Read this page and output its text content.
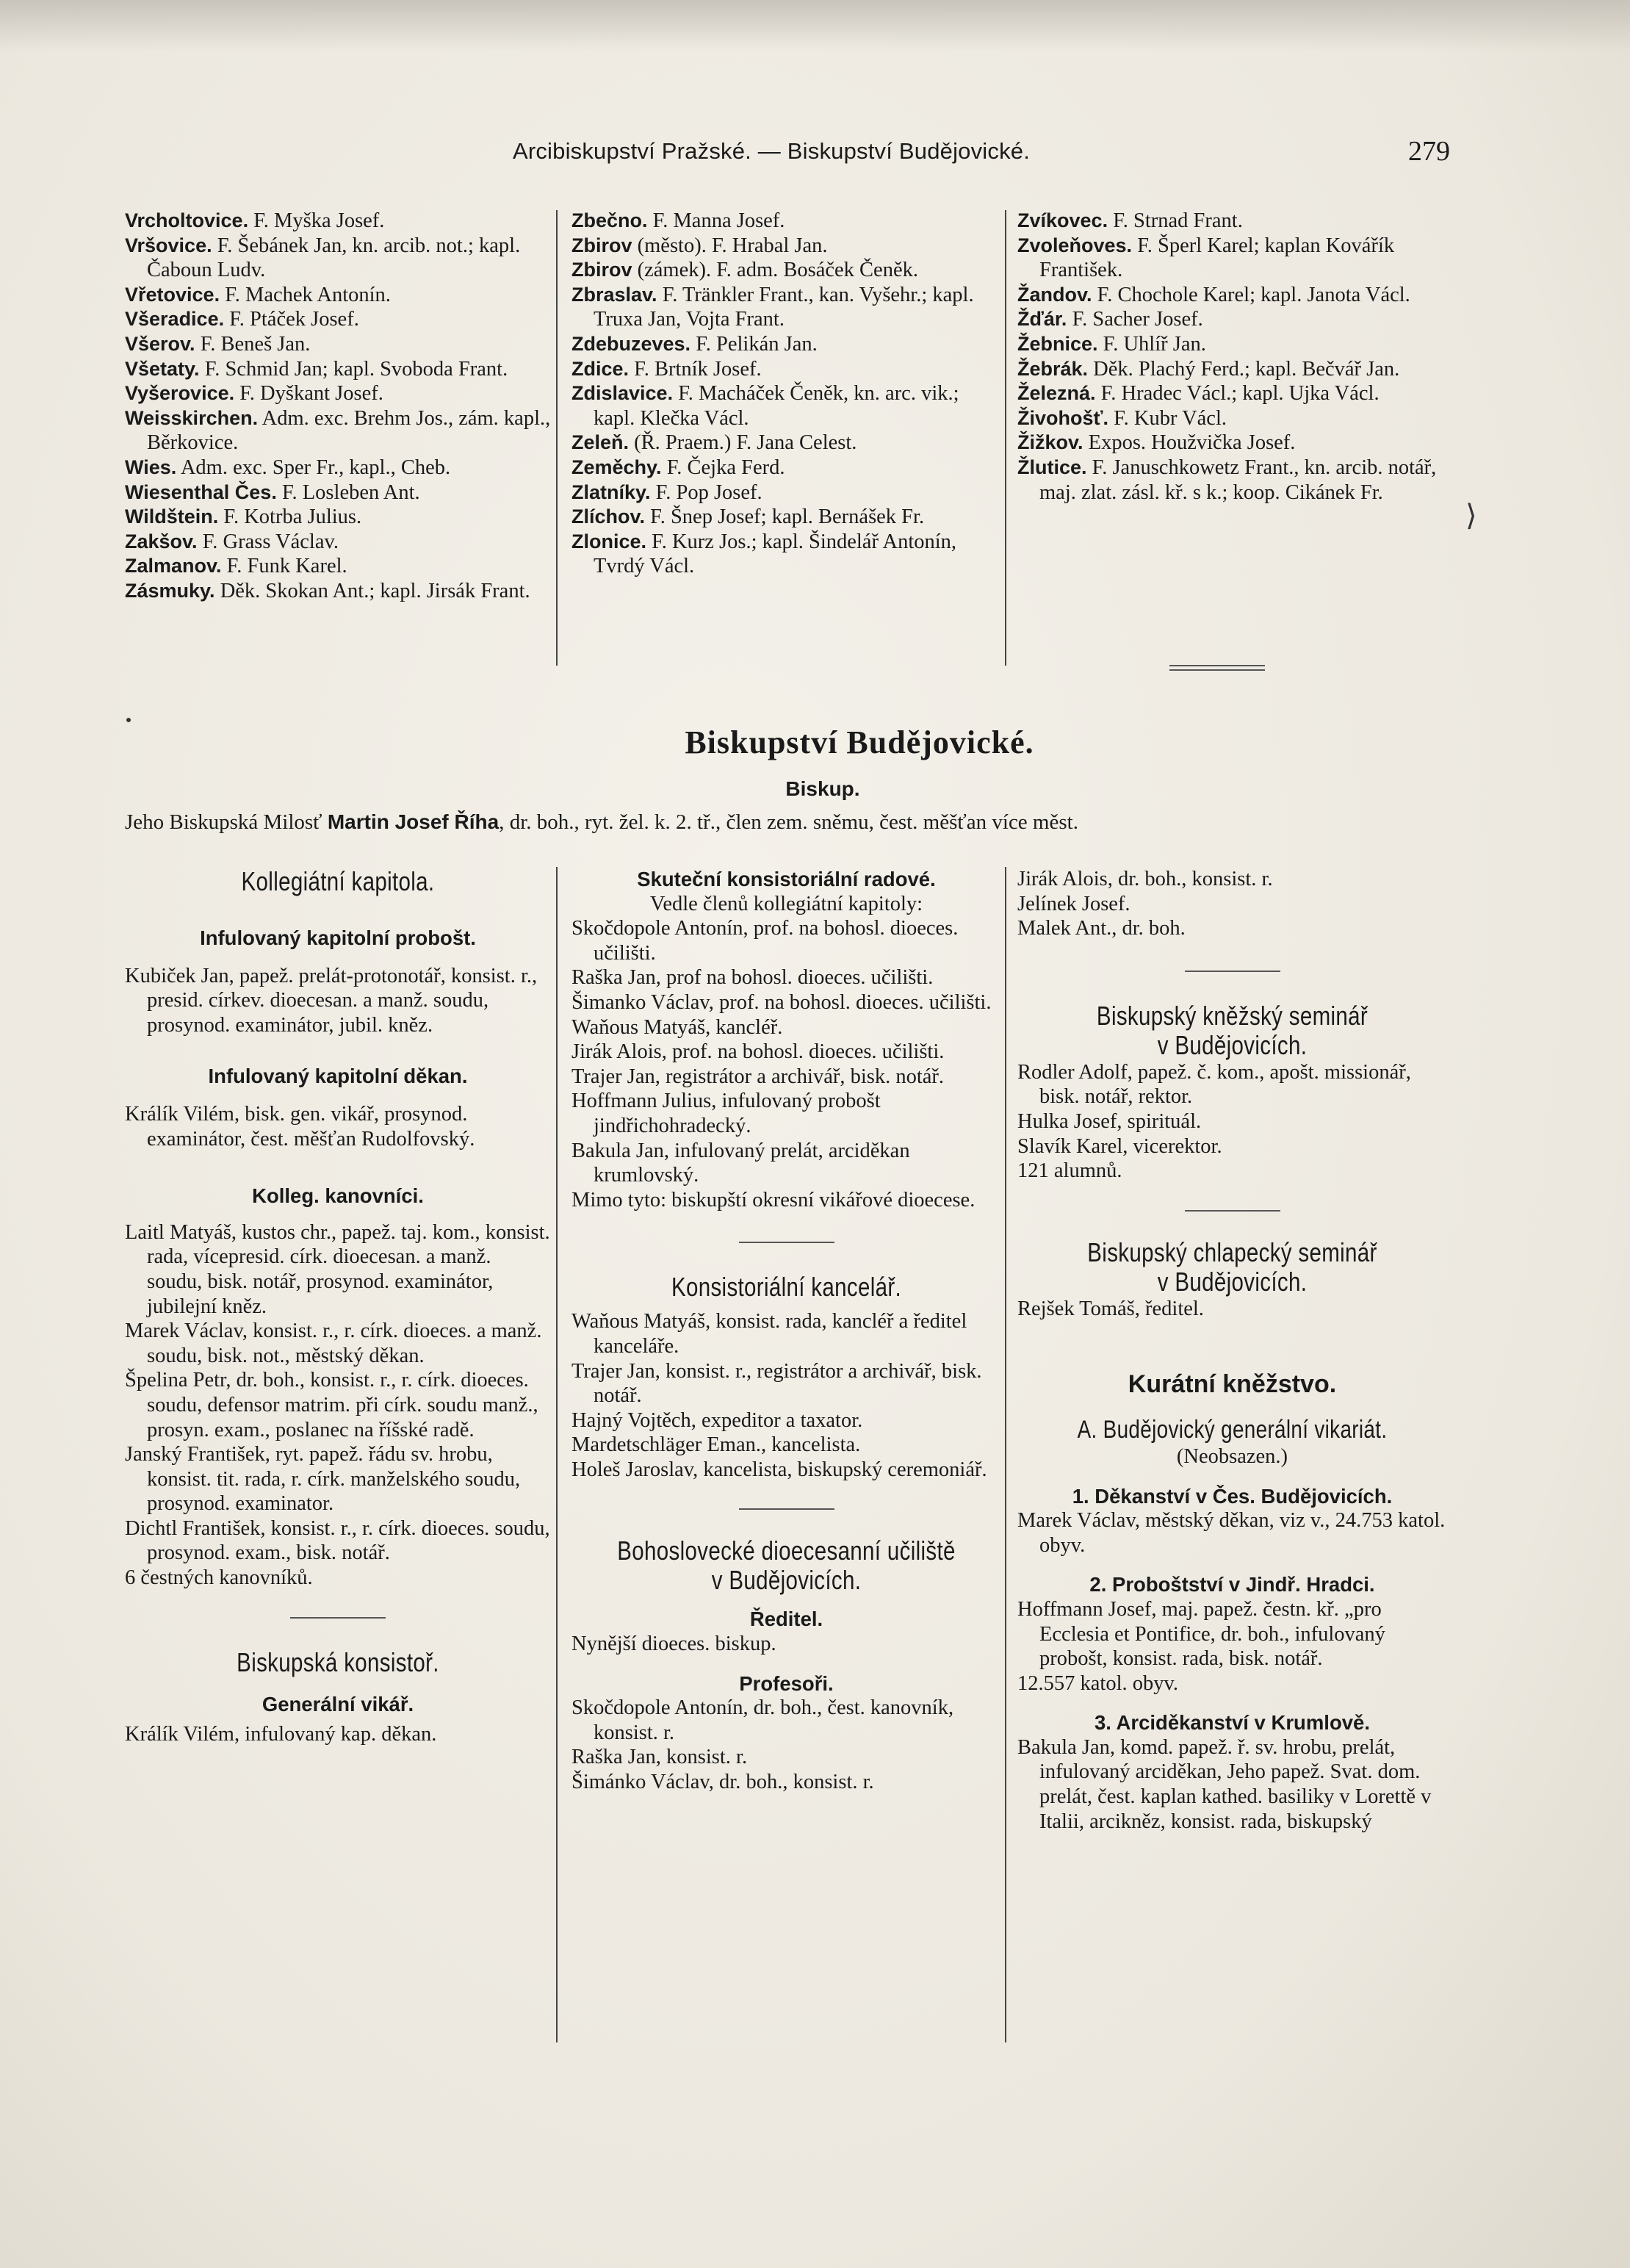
Arcibiskupství Pražské. — Biskupství Budějovické.	279

Vrcholtovice. F. Myška Josef.

Vršovice. F. Šebánek Jan, kn. arcib. not.; kapl. Čaboun Ludv.

Vřetovice. F. Machek Antonín.

Všeradice. F. Ptáček Josef.

Všerov. F. Beneš Jan.

Všetaty. F. Schmid Jan; kapl. Svoboda Frant.

Vyšerovice. F. Dyškant Josef.

Weisskirchen. Adm. exc. Brehm Jos., zám. kapl., Běrkovice.

Wies. Adm. exc. Sper Fr., kapl., Cheb.

Wiesenthal Čes. F. Losleben Ant.

Wildštein. F. Kotrba Julius.

Zakšov. F. Grass Václav.

Zalmanov. F. Funk Karel.

Zásmuky. Děk. Skokan Ant.; kapl. Jirsák Frant.

Zbečno. F. Manna Josef.

Zbirov (město). F. Hrabal Jan.

Zbirov (zámek). F. adm. Bosáček Čeněk.

Zbraslav. F. Tränkler Frant., kan. Vyšehr.; kapl. Truxa Jan, Vojta Frant.

Zdebuzeves. F. Pelikán Jan.

Zdice. F. Brtník Josef.

Zdislavice. F. Macháček Čeněk, kn. arc. vik.; kapl. Klečka Václ.

Zeleň. (Ř. Praem.) F. Jana Celest.

Zeměchy. F. Čejka Ferd.

Zlatníky. F. Pop Josef.

Zlíchov. F. Šnep Josef; kapl. Bernášek Fr.

Zlonice. F. Kurz Jos.; kapl. Šindelář Antonín, Tvrdý Václ.

Zvíkovec. F. Strnad Frant.

Zvoleňoves. F. Šperl Karel; kaplan Kovářík František.

Žandov. F. Chochole Karel; kapl. Janota Václ.

Žďár. F. Sacher Josef.

Žebnice. F. Uhlíř Jan.

Žebrák. Děk. Plachý Ferd.; kapl. Bečvář Jan.

Železná. F. Hradec Václ.; kapl. Ujka Václ.

Živohošť. F. Kubr Václ.

Žižkov. Expos. Houžvička Josef.

Žlutice. F. Januschkowetz Frant., kn. arcib. notář, maj. zlat. zásl. kř. s k.; koop. Cikánek Fr.

⟩
Biskupství Budějovické.
Biskup.
Jeho Biskupská Milosť Martin Josef Říha, dr. boh., ryt. žel. k. 2. tř., člen zem. sněmu, čest. měšťan více měst.

Kollegiátní kapitola.

Infulovaný kapitolní probošt.

Kubiček Jan, papež. prelát-protonotář, konsist. r., presid. církev. dioecesan. a manž. soudu, prosynod. examinátor, jubil. kněz.

Infulovaný kapitolní děkan.

Králík Vilém, bisk. gen. vikář, prosynod. examinátor, čest. měšťan Rudolfovský.

Kolleg. kanovníci.

Laitl Matyáš, kustos chr., papež. taj. kom., konsist. rada, vícepresid. círk. dioecesan. a manž. soudu, bisk. notář, prosynod. examinátor, jubilejní kněz.

Marek Václav, konsist. r., r. círk. dioeces. a manž. soudu, bisk. not., městský děkan.

Špelina Petr, dr. boh., konsist. r., r. círk. dioeces. soudu, defensor matrim. při círk. soudu manž., prosyn. exam., poslanec na říšské radě.

Janský František, ryt. papež. řádu sv. hrobu, konsist. tit. rada, r. círk. manželského soudu, prosynod. examinator.

Dichtl František, konsist. r., r. círk. dioeces. soudu, prosynod. exam., bisk. notář.

6 čestných kanovníků.

Biskupská konsistoř.

Generální vikář.

Králík Vilém, infulovaný kap. děkan.

Skuteční konsistoriální radové.

Vedle členů kollegiátní kapitoly:

Skočdopole Antonín, prof. na bohosl. dioeces. učilišti.

Raška Jan, prof na bohosl. dioeces. učilišti.

Šimanko Václav, prof. na bohosl. dioeces. učilišti.

Waňous Matyáš, kancléř.

Jirák Alois, prof. na bohosl. dioeces. učilišti.

Trajer Jan, registrátor a archivář, bisk. notář.

Hoffmann Julius, infulovaný probošt jindřichohradecký.

Bakula Jan, infulovaný prelát, arciděkan krumlovský.

Mimo tyto: biskupští okresní vikářové dioecese.

Konsistoriální kancelář.

Waňous Matyáš, konsist. rada, kancléř a ředitel kanceláře.

Trajer Jan, konsist. r., registrátor a archivář, bisk. notář.

Hajný Vojtěch, expeditor a taxator.

Mardetschläger Eman., kancelista.

Holeš Jaroslav, kancelista, biskupský ceremoniář.

Bohoslovecké dioecesanní učiliště

v Budějovicích.

Ředitel.

Nynější dioeces. biskup.

Profesoři.

Skočdopole Antonín, dr. boh., čest. kanovník, konsist. r.

Raška Jan, konsist. r.

Šimánko Václav, dr. boh., konsist. r.

Jirák Alois, dr. boh., konsist. r.

Jelínek Josef.

Malek Ant., dr. boh.

Biskupský kněžský seminář

v Budějovicích.

Rodler Adolf, papež. č. kom., apošt. missionář, bisk. notář, rektor.

Hulka Josef, spirituál.

Slavík Karel, vicerektor.

121 alumnů.

Biskupský chlapecký seminář

v Budějovicích.

Rejšek Tomáš, ředitel.

Kurátní kněžstvo.

A. Budějovický generální vikariát.

(Neobsazen.)

1. Děkanství v Čes. Budějovicích.

Marek Václav, městský děkan, viz v., 24.753 katol. obyv.

2. Proboštství v Jindř. Hradci.

Hoffmann Josef, maj. papež. čestn. kř. „pro Ecclesia et Pontifice, dr. boh., infulovaný probošt, konsist. rada, bisk. notář.

12.557 katol. obyv.

3. Arciděkanství v Krumlově.

Bakula Jan, komd. papež. ř. sv. hrobu, prelát, infulovaný arciděkan, Jeho papež. Svat. dom. prelát, čest. kaplan kathed. basiliky v Lorettě v Italii, arcikněz, konsist. rada, biskupský
